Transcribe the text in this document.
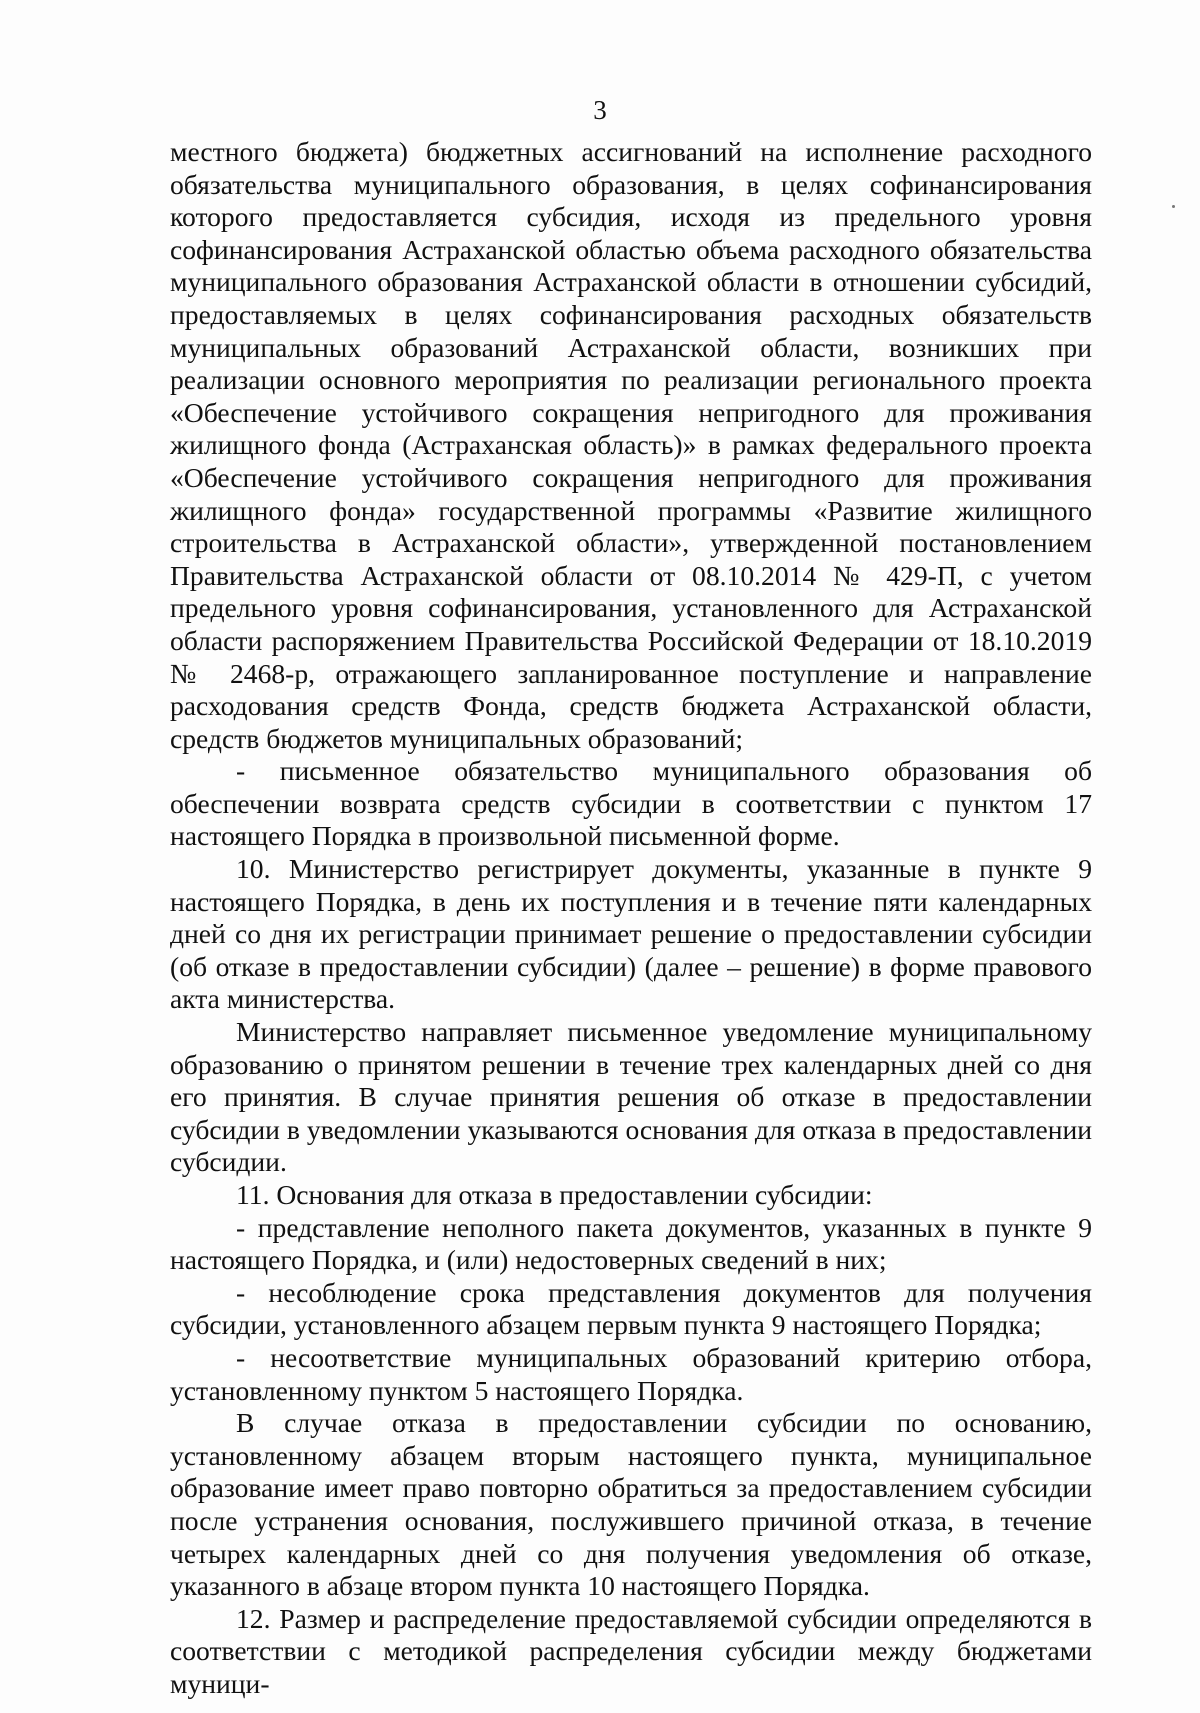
3

местного бюджета) бюджетных ассигнований на исполнение расходного обязательства муниципального образования, в целях софинансирования которого предоставляется субсидия, исходя из предельного уровня софинансирования Астраханской областью объема расходного обязательства муниципального образования Астраханской области в отношении субсидий, предоставляемых в целях софинансирования расходных обязательств муниципальных образований Астраханской области, возникших при реализации основного мероприятия по реализации регионального проекта «Обеспечение устойчивого сокращения непригодного для проживания жилищного фонда (Астраханская область)» в рамках федерального проекта «Обеспечение устойчивого сокращения непригодного для проживания жилищного фонда» государственной программы «Развитие жилищного строительства в Астраханской области», утвержденной постановлением Правительства Астраханской области от 08.10.2014 № 429-П, с учетом предельного уровня софинансирования, установленного для Астраханской области распоряжением Правительства Российской Федерации от 18.10.2019 № 2468-р, отражающего запланированное поступление и направление расходования средств Фонда, средств бюджета Астраханской области, средств бюджетов муниципальных образований;

- письменное обязательство муниципального образования об обеспечении возврата средств субсидии в соответствии с пунктом 17 настоящего Порядка в произвольной письменной форме.

10. Министерство регистрирует документы, указанные в пункте 9 настоящего Порядка, в день их поступления и в течение пяти календарных дней со дня их регистрации принимает решение о предоставлении субсидии (об отказе в предоставлении субсидии) (далее – решение) в форме правового акта министерства.

Министерство направляет письменное уведомление муниципальному образованию о принятом решении в течение трех календарных дней со дня его принятия. В случае принятия решения об отказе в предоставлении субсидии в уведомлении указываются основания для отказа в предоставлении субсидии.

11. Основания для отказа в предоставлении субсидии:

- представление неполного пакета документов, указанных в пункте 9 настоящего Порядка, и (или) недостоверных сведений в них;

- несоблюдение срока представления документов для получения субсидии, установленного абзацем первым пункта 9 настоящего Порядка;

- несоответствие муниципальных образований критерию отбора, установленному пунктом 5 настоящего Порядка.

В случае отказа в предоставлении субсидии по основанию, установленному абзацем вторым настоящего пункта, муниципальное образование имеет право повторно обратиться за предоставлением субсидии после устранения основания, послужившего причиной отказа, в течение четырех календарных дней со дня получения уведомления об отказе, указанного в абзаце втором пункта 10 настоящего Порядка.

12. Размер и распределение предоставляемой субсидии определяются в соответствии с методикой распределения субсидии между бюджетами муници-
